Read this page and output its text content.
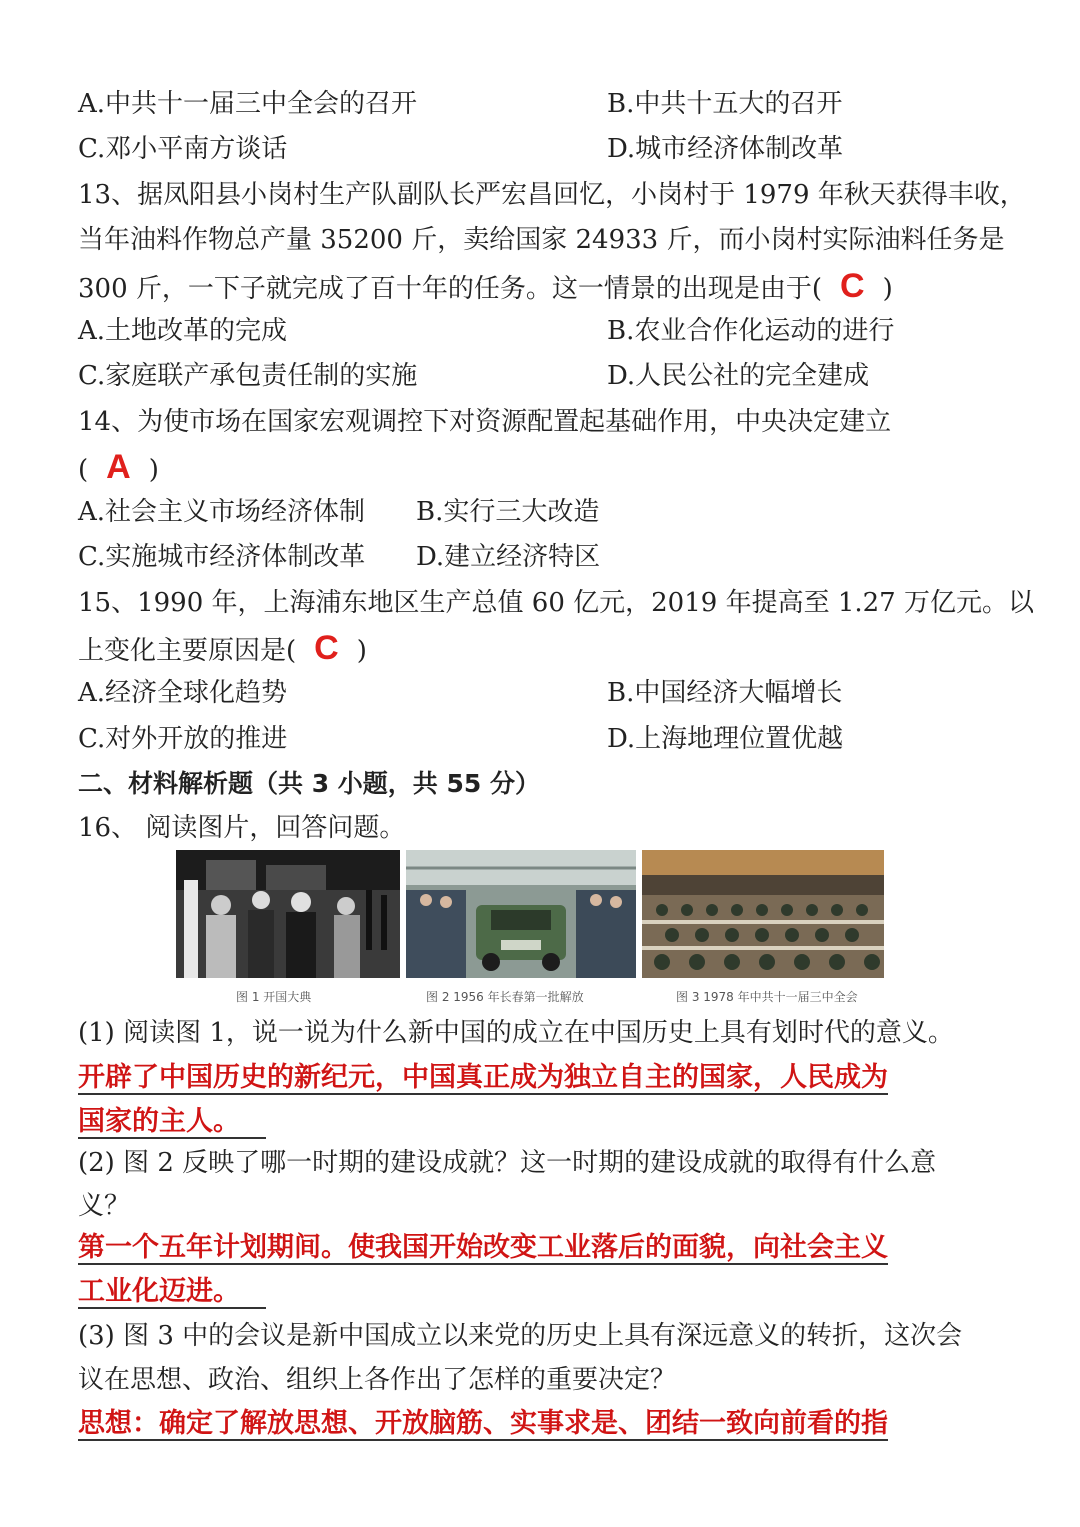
A.中共十一届三中全会的召开	B.中共十五大的召开
C.邓小平南方谈话	D.城市经济体制改革
13、据凤阳县小岗村生产队副队长严宏昌回忆，小岗村于 1979 年秋天获得丰收，
当年油料作物总产量 35200 斤，卖给国家 24933 斤，而小岗村实际油料任务是
300 斤，一下子就完成了百十年的任务。这一情景的出现是由于( C )
A.土地改革的完成	B.农业合作化运动的进行
C.家庭联产承包责任制的实施	D.人民公社的完全建成
14、为使市场在国家宏观调控下对资源配置起基础作用，中央决定建立
( A )
A.社会主义市场经济体制 B.实行三大改造
C.实施城市经济体制改革 D.建立经济特区
15、1990 年，上海浦东地区生产总值 60 亿元，2019 年提高至 1.27 万亿元。以
上变化主要原因是( C )
A.经济全球化趋势	B.中国经济大幅增长
C.对外开放的推进	D.上海地理位置优越
二、材料解析题（共 3 小题，共 55 分）
16、 阅读图片，回答问题。
图 1 开国大典	图 2 1956 年长春第一批解放	图 3 1978 年中共十一届三中全会
(1) 阅读图 1，说一说为什么新中国的成立在中国历史上具有划时代的意义。
开辟了中国历史的新纪元，中国真正成为独立自主的国家，人民成为
国家的主人。
(2) 图 2 反映了哪一时期的建设成就？这一时期的建设成就的取得有什么意
义？
第一个五年计划期间。使我国开始改变工业落后的面貌，向社会主义
工业化迈进。
(3) 图 3 中的会议是新中国成立以来党的历史上具有深远意义的转折，这次会
议在思想、政治、组织上各作出了怎样的重要决定？
思想：确定了解放思想、开放脑筋、实事求是、团结一致向前看的指
